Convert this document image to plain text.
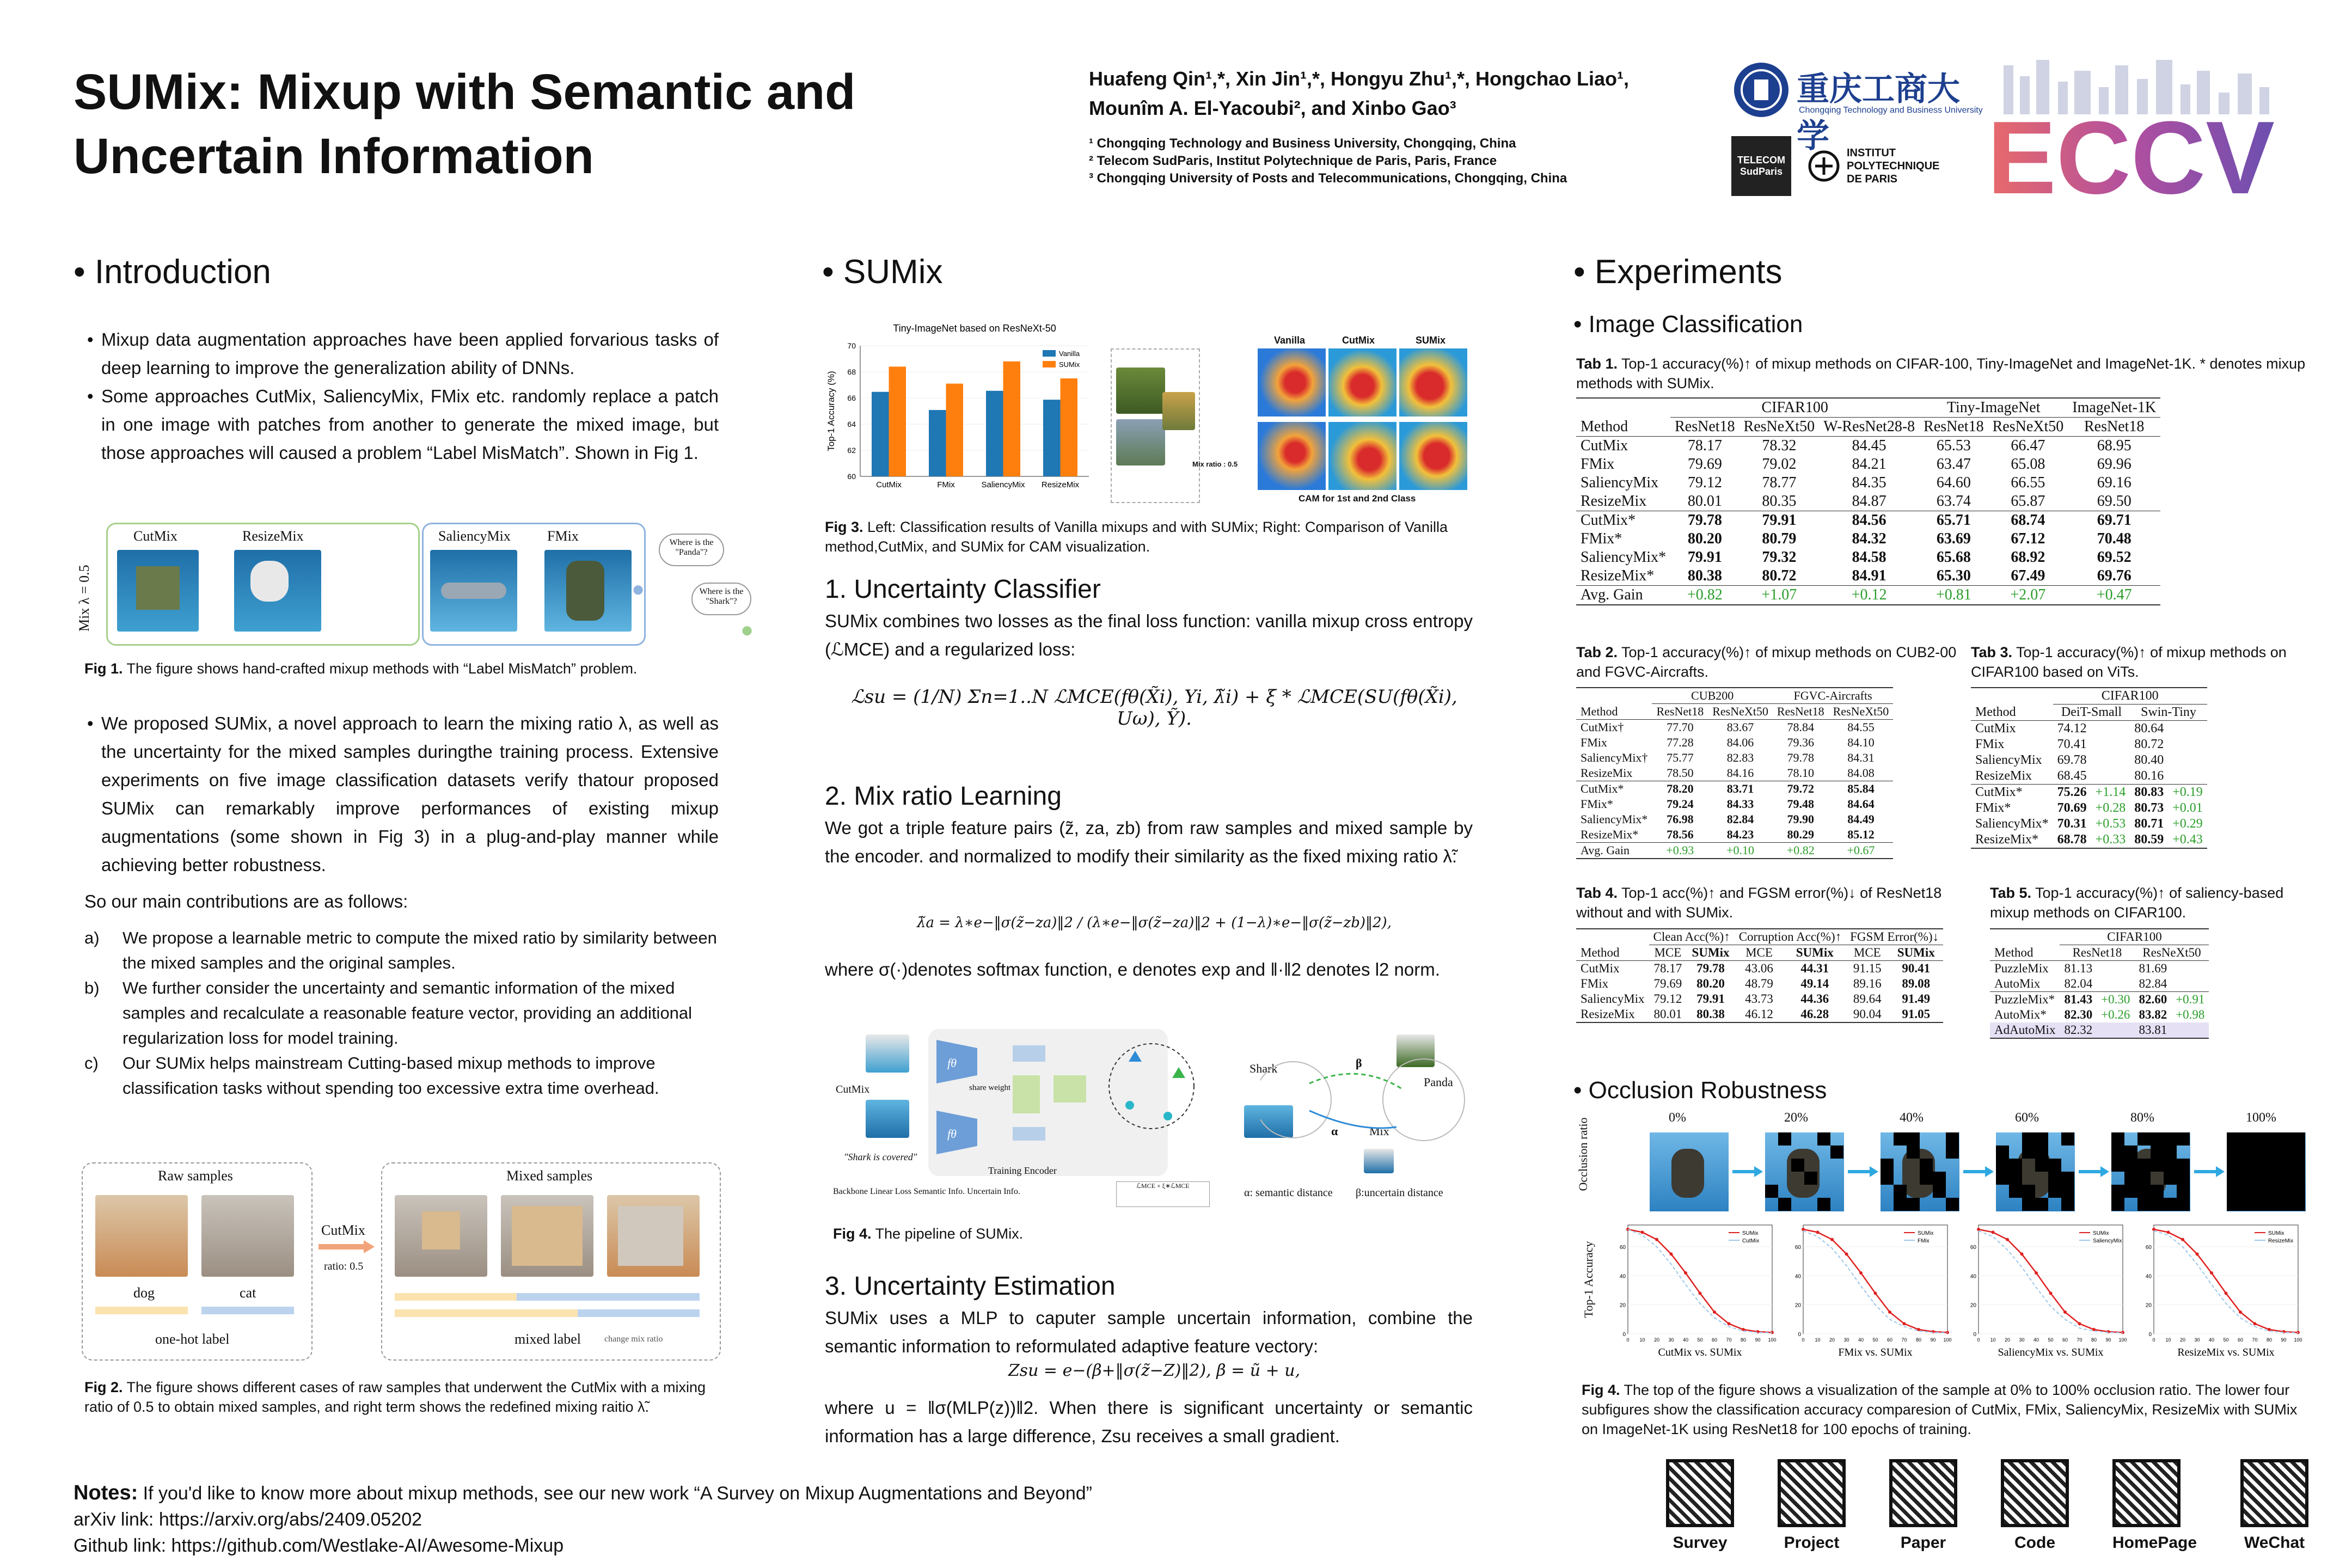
SUMix: Mixup with Semantic and Uncertain Information
Huafeng Qin¹,*, Xin Jin¹,*, Hongyu Zhu¹,*, Hongchao Liao¹, Mounîm A. El-Yacoubi², and Xinbo Gao³
¹ Chongqing Technology and Business University, Chongqing, China
² Telecom SudParis, Institut Polytechnique de Paris, Paris, France
³ Chongqing University of Posts and Telecommunications, Chongqing, China
重庆工商大学
Chongqing Technology and Business University
TELECOM SudParis
INSTITUT POLYTECHNIQUE DE PARIS ECCV
• Introduction
• Mixup data augmentation approaches have been applied forvarious tasks of deep learning to improve the generalization ability of DNNs.
• Some approaches CutMix, SaliencyMix, FMix etc. randomly replace a patch in one image with patches from another to generate the mixed image, but those approaches will caused a problem “Label MisMatch”. Shown in Fig 1.
Mix λ = 0.5
CutMix	ResizeMix	SaliencyMix	FMix	Where is the "Panda"?
●	Where is the "Shark"?
●
Fig 1. The figure shows hand-crafted mixup methods with “Label MisMatch” problem.
• We proposed SUMix, a novel approach to learn the mixing ratio λ, as well as the uncertainty for the mixed samples duringthe training process. Extensive experiments on five image classification datasets verify thatour proposed SUMix can remarkably improve performances of existing mixup augmentations (some shown in Fig 3) in a plug-and-play manner while achieving better robustness.
So our main contributions are as follows:
a)	We propose a learnable metric to compute the mixed ratio by similarity between the mixed samples and the original samples.
b)	We further consider the uncertainty and semantic information of the mixed samples and recalculate a reasonable feature vector, providing an additional regularization loss for model training.
c)	Our SUMix helps mainstream Cutting-based mixup methods to improve classification tasks without spending too excessive extra time overhead.
Raw samples	Mixed samples
dog	cat
one-hot label
CutMix
ratio: 0.5
mixed label	change mix ratio
Fig 2. The figure shows different cases of raw samples that underwent the CutMix with a mixing ratio of 0.5 to obtain mixed samples, and right term shows the redefined mixing raitio λ̃.
Notes: If you'd like to know more about mixup methods, see our new work “A Survey on Mixup Augmentations and Beyond”
arXiv link: https://arxiv.org/abs/2409.05202
Github link: https://github.com/Westlake-AI/Awesome-Mixup
• SUMix
Tiny-ImageNet based on ResNeXt-50
Top-1 Accuracy (%)
60
62
64
66
68
70
CutMix	FMix	SaliencyMix ResizeMix
Vanilla
SUMix
Mix ratio : 0.5
Vanilla	CutMix	SUMix
CAM for 1st and 2nd Class
Fig 3. Left: Classification results of Vanilla mixups and with SUMix; Right: Comparison of Vanilla method,CutMix, and SUMix for CAM visualization.
1. Uncertainty Classifier
SUMix combines two losses as the final loss function: vanilla mixup cross entropy (ℒMCE) and a regularized loss:
ℒsu = (1/N) Σn=1..N ℒMCE(fθ(X̃i), Yi, λ̃i) + ξ * ℒMCE(SU(fθ(X̃i), Uω), Ỹ).
2. Mix ratio Learning
We got a triple feature pairs (z̃, za, zb) from raw samples and mixed sample by the encoder. and normalized to modify their similarity as the fixed mixing ratio λ̃:
λ̃a = λ∗e−‖σ(z̃−za)‖2 / (λ∗e−‖σ(z̃−za)‖2 + (1−λ)∗e−‖σ(z̃−zb)‖2),
where σ(·)denotes softmax function, e denotes exp and ‖·‖2 denotes l2 norm.
CutMix
"Shark is covered"
fθ
fθ
share weight
Training Encoder
ℒMCE + ξ∗ℒMCE
Backbone Linear Loss Semantic Info. Uncertain Info.
Shark
Panda
Mix
α
β
α: semantic distance β:uncertain distance
Fig 4. The pipeline of SUMix.
3. Uncertainty Estimation
SUMix uses a MLP to caputer sample uncertain information, combine the semantic information to reformulated adaptive feature vectory:
Zsu = e−(β+‖σ(z̃−Z)‖2), β = ũ + u,
where u = ‖σ(MLP(z))‖2. When there is significant uncertainty or semantic information has a large difference, Zsu receives a small gradient.
• Experiments
• Image Classification
Tab 1. Top-1 accuracy(%)↑ of mixup methods on CIFAR-100, Tiny-ImageNet and ImageNet-1K. * denotes mixup methods with SUMix.
	CIFAR100			Tiny-ImageNet		ImageNet-1K
Method	ResNet18	ResNeXt50	W-ResNet28-8	ResNet18	ResNeXt50	ResNet18
CutMix	78.17	78.32	84.45	65.53	66.47	68.95
FMix	79.69	79.02	84.21	63.47	65.08	69.96
SaliencyMix	79.12	78.77	84.35	64.60	66.55	69.16
ResizeMix	80.01	80.35	84.87	63.74	65.87	69.50
CutMix*	79.78	79.91	84.56	65.71	68.74	69.71
FMix*	80.20	80.79	84.32	63.69	67.12	70.48
SaliencyMix*	79.91	79.32	84.58	65.68	68.92	69.52
ResizeMix*	80.38	80.72	84.91	65.30	67.49	69.76
Avg. Gain	+0.82	+1.07	+0.12	+0.81	+2.07	+0.47
Tab 2. Top-1 accuracy(%)↑ of mixup methods on CUB2-00 and FGVC-Aircrafts.
	CUB200		FGVC-Aircrafts	
Method	ResNet18	ResNeXt50	ResNet18	ResNeXt50
CutMix†	77.70	83.67	78.84	84.55
FMix	77.28	84.06	79.36	84.10
SaliencyMix†	75.77	82.83	79.78	84.31
ResizeMix	78.50	84.16	78.10	84.08
CutMix*	78.20	83.71	79.72	85.84
FMix*	79.24	84.33	79.48	84.64
SaliencyMix*	76.98	82.84	79.90	84.49
ResizeMix*	78.56	84.23	80.29	85.12
Avg. Gain	+0.93	+0.10	+0.82	+0.67
Tab 3. Top-1 accuracy(%)↑ of mixup methods on CIFAR100 based on ViTs.
	CIFAR100			
Method	DeiT-Small		Swin-Tiny	
CutMix	74.12		80.64	
FMix	70.41		80.72	
SaliencyMix	69.78		80.40	
ResizeMix	68.45		80.16	
CutMix*	75.26	+1.14	80.83	+0.19
FMix*	70.69	+0.28	80.73	+0.01
SaliencyMix*	70.31	+0.53	80.71	+0.29
ResizeMix*	68.78	+0.33	80.59	+0.43

Tab 4. Top-1 acc(%)↑ and FGSM error(%)↓ of ResNet18 without and with SUMix.
	Clean Acc(%)↑		Corruption Acc(%)↑		FGSM Error(%)↓	
Method	MCE	SUMix	MCE	SUMix	MCE	SUMix
CutMix	78.17	79.78	43.06	44.31	91.15	90.41
FMix	79.69	80.20	48.79	49.14	89.16	89.08
SaliencyMix	79.12	79.91	43.73	44.36	89.64	91.49
ResizeMix	80.01	80.38	46.12	46.28	90.04	91.05

Tab 5. Top-1 accuracy(%)↑ of saliency-based mixup methods on CIFAR100.
	CIFAR100			
Method	ResNet18		ResNeXt50	
PuzzleMix	81.13		81.69	
AutoMix	82.04		82.84	
PuzzleMix*	81.43	+0.30	82.60	+0.91
AutoMix*	82.30	+0.26	83.82	+0.98
AdAutoMix	82.32		83.81	
• Occlusion Robustness
Occlusion ratio	0%	20%	40%	60%	80%	100%
Top-1 Accuracy
0
20
40
60
SUMix
CutMix
0 10 20 30 40 50 60 70 80 90 100
CutMix vs. SUMix
0
20
40
60
SUMix
FMix
0 10 20 30 40 50 60 70 80 90 100
FMix vs. SUMix
0
20
40
60
SUMix
SaliencyMix
0 10 20 30 40 50 60 70 80 90 100
SaliencyMix vs. SUMix
0
20
40
60
SUMix
ResizeMix
0 10 20 30 40 50 60 70 80 90 100
ResizeMix vs. SUMix
Fig 4. The top of the figure shows a visualization of the sample at 0% to 100% occlusion ratio. The lower four subfigures show the classification accuracy comparesion of CutMix, FMix, SaliencyMix, ResizeMix with SUMix on ImageNet-1K using ResNet18 for 100 epochs of training.
Survey	Project	Paper	Code	HomePage	WeChat
